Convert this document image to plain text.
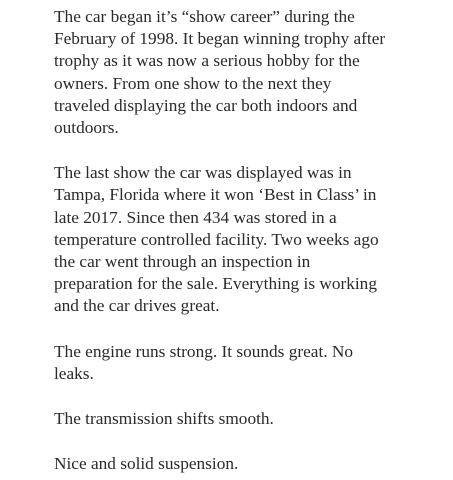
The car began it’s “show career” during the
February of 1998. It began winning trophy after
trophy as it was now a serious hobby for the
owners. From one show to the next they
traveled displaying the car both indoors and
outdoors.

The last show the car was displayed was in
Tampa, Florida where it won ‘Best in Class’ in
late 2017. Since then 434 was stored in a
temperature controlled facility. Two weeks ago
the car went through an inspection in
preparation for the sale. Everything is working
and the car drives great.

The engine runs strong. It sounds great. No
leaks.

The transmission shifts smooth.

Nice and solid suspension.
